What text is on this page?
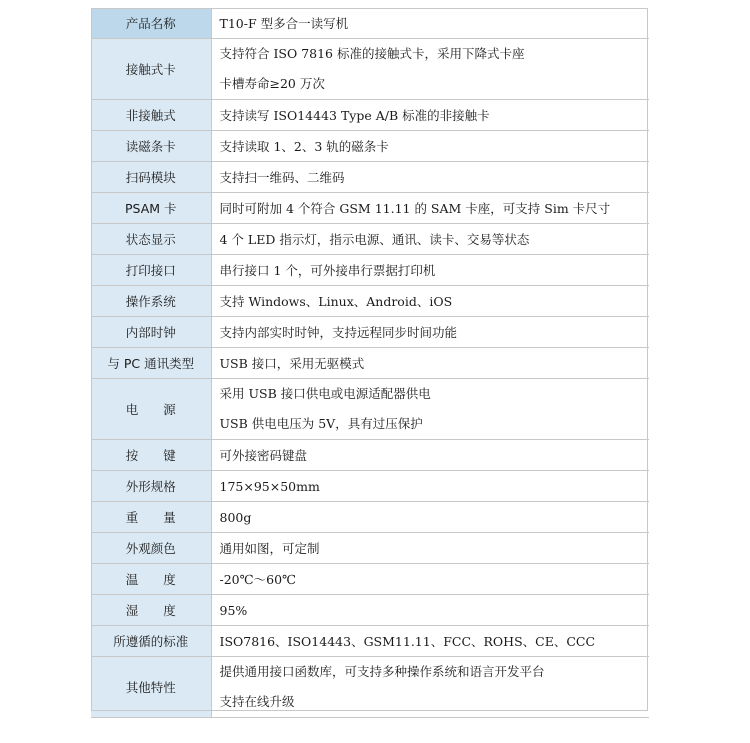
产品名称	T10-F 型多合一读写机

接触式卡	支持符合 ISO 7816 标准的接触式卡，采用下降式卡座
卡槽寿命≥20 万次

非接触式	支持读写 ISO14443 Type A/B 标准的非接触卡

读磁条卡	支持读取 1、2、3 轨的磁条卡

扫码模块	支持扫一维码、二维码

PSAM 卡	同时可附加 4 个符合 GSM 11.11 的 SAM 卡座，可支持 Sim 卡尺寸

状态显示	4 个 LED 指示灯，指示电源、通讯、读卡、交易等状态

打印接口	串行接口 1 个，可外接串行票据打印机

操作系统	支持 Windows、Linux、Android、iOS

内部时钟	支持内部实时时钟，支持远程同步时间功能

与 PC 通讯类型	USB 接口，采用无驱模式

电　　源	采用 USB 接口供电或电源适配器供电
USB 供电电压为 5V，具有过压保护

按　　键	可外接密码键盘

外形规格	175×95×50mm

重　　量	800g

外观颜色	通用如图，可定制

温　　度	-20℃～60℃

湿　　度	95%

所遵循的标准	ISO7816、ISO14443、GSM11.11、FCC、ROHS、CE、CCC

其他特性	提供通用接口函数库，可支持多种操作系统和语言开发平台
支持在线升级
